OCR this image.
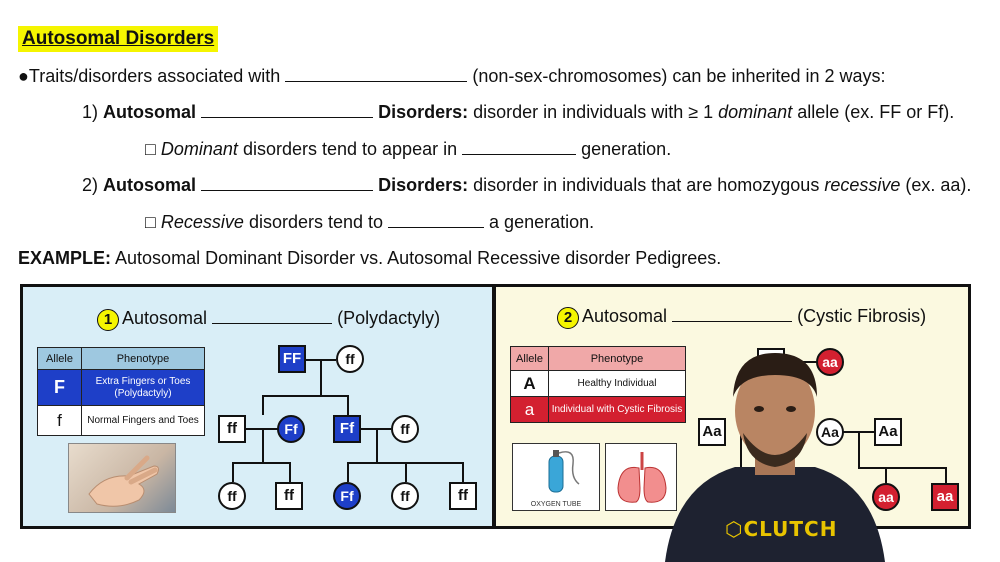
Autosomal Disorders
●Traits/disorders associated with	(non-sex-chromosomes) can be inherited in 2 ways:
1) Autosomal	Disorders: disorder in individuals with ≥ 1 dominant allele (ex. FF or Ff).
□ Dominant disorders tend to appear in	generation.
2) Autosomal	Disorders: disorder in individuals that are homozygous recessive (ex. aa).
□ Recessive disorders tend to	a generation.
EXAMPLE: Autosomal Dominant Disorder vs. Autosomal Recessive disorder Pedigrees.
1 Autosomal	(Polydactyly)
Allele	Phenotype
F	Extra Fingers or Toes (Polydactyly)
f	Normal Fingers and Toes
FF	ff
ff	Ff	Ff	ff
ff	ff	Ff	ff	ff
2 Autosomal	(Cystic Fibrosis)
Allele	Phenotype
A	Healthy Individual
a	Individual with Cystic Fibrosis
OXYGEN TUBE
aa
Aa	Aa	Aa
aa	aa
⬡CLUTCH
